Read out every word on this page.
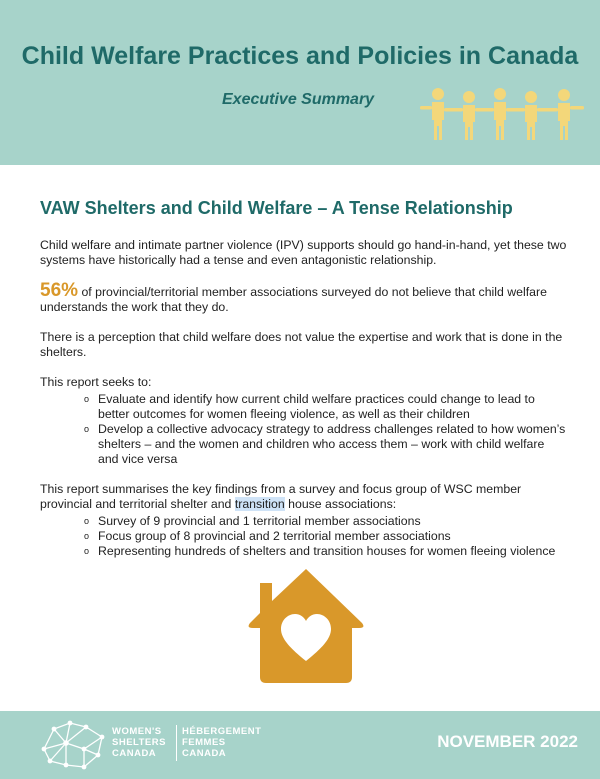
Child Welfare Practices and Policies in Canada
Executive Summary
VAW Shelters and Child Welfare – A Tense Relationship

Child welfare and intimate partner violence (IPV) supports should go hand-in-hand, yet these two systems have historically had a tense and even antagonistic relationship.

56% of provincial/territorial member associations surveyed do not believe that child welfare understands the work that they do.

There is a perception that child welfare does not value the expertise and work that is done in the shelters.

This report seeks to:

o Evaluate and identify how current child welfare practices could change to lead to better outcomes for women fleeing violence, as well as their children
o Develop a collective advocacy strategy to address challenges related to how women’s shelters – and the women and children who access them – work with child welfare and vice versa

This report summarises the key findings from a survey and focus group of WSC member provincial and territorial shelter and transition house associations:

o Survey of 9 provincial and 1 territorial member associations
o Focus group of 8 provincial and 2 territorial member associations
o Representing hundreds of shelters and transition houses for women fleeing violence
WOMEN'S
SHELTERS
CANADA
HÉBERGEMENT
FEMMES
CANADA
NOVEMBER 2022
